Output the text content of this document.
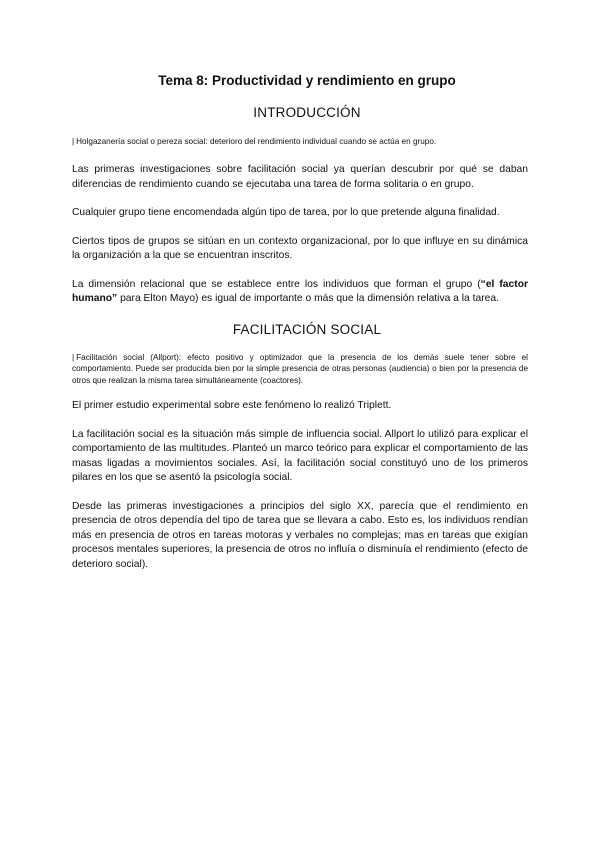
Tema 8: Productividad y rendimiento en grupo
INTRODUCCIÓN

| Holgazanería social o pereza social: deterioro del rendimiento individual cuando se actúa en grupo.

Las primeras investigaciones sobre facilitación social ya querían descubrir por qué se daban diferencias de rendimiento cuando se ejecutaba una tarea de forma solitaria o en grupo.

Cualquier grupo tiene encomendada algún tipo de tarea, por lo que pretende alguna finalidad.

Ciertos tipos de grupos se sitúan en un contexto organizacional, por lo que influye en su dinámica la organización a la que se encuentran inscritos.

La dimensión relacional que se establece entre los individuos que forman el grupo (“el factor humano” para Elton Mayo) es igual de importante o más que la dimensión relativa a la tarea.

FACILITACIÓN SOCIAL

| Facilitación social (Allport): efecto positivo y optimizador que la presencia de los demás suele tener sobre el comportamiento. Puede ser producida bien por la simple presencia de otras personas (audiencia) o bien por la presencia de otros que realizan la misma tarea simultáneamente (coactores).

El primer estudio experimental sobre este fenómeno lo realizó Triplett.

La facilitación social es la situación más simple de influencia social. Allport lo utilizó para explicar el comportamiento de las multitudes. Planteó un marco teórico para explicar el comportamiento de las masas ligadas a movimientos sociales. Así, la facilitación social constituyó uno de los primeros pilares en los que se asentó la psicología social.

Desde las primeras investigaciones a principios del siglo XX, parecía que el rendimiento en presencia de otros dependía del tipo de tarea que se llevara a cabo. Esto es, los individuos rendían más en presencia de otros en tareas motoras y verbales no complejas; mas en tareas que exigían procesos mentales superiores, la presencia de otros no influía o disminuía el rendimiento (efecto de deterioro social).
